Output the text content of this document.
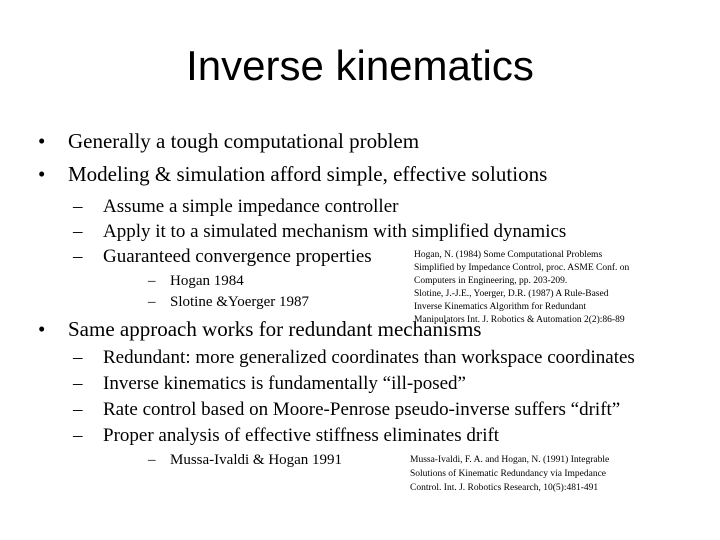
Inverse kinematics
• Generally a tough computational problem
• Modeling & simulation afford simple, effective solutions
– Assume a simple impedance controller
– Apply it to a simulated mechanism with simplified dynamics
– Guaranteed convergence properties
– Hogan 1984
– Slotine &Yoerger 1987
Hogan, N. (1984) Some Computational Problems
Simplified by Impedance Control, proc. ASME Conf. on
Computers in Engineering, pp. 203-209.
Slotine, J.-J.E., Yoerger, D.R. (1987) A Rule-Based
Inverse Kinematics Algorithm for Redundant
Manipulators Int. J. Robotics & Automation 2(2):86-89
• Same approach works for redundant mechanisms
– Redundant: more generalized coordinates than workspace coordinates
– Inverse kinematics is fundamentally “ill-posed”
– Rate control based on Moore-Penrose pseudo-inverse suffers “drift”
– Proper analysis of effective stiffness eliminates drift
– Mussa-Ivaldi & Hogan 1991	Mussa-Ivaldi, F. A. and Hogan, N. (1991) Integrable
Solutions of Kinematic Redundancy via Impedance
Control. Int. J. Robotics Research, 10(5):481-491
